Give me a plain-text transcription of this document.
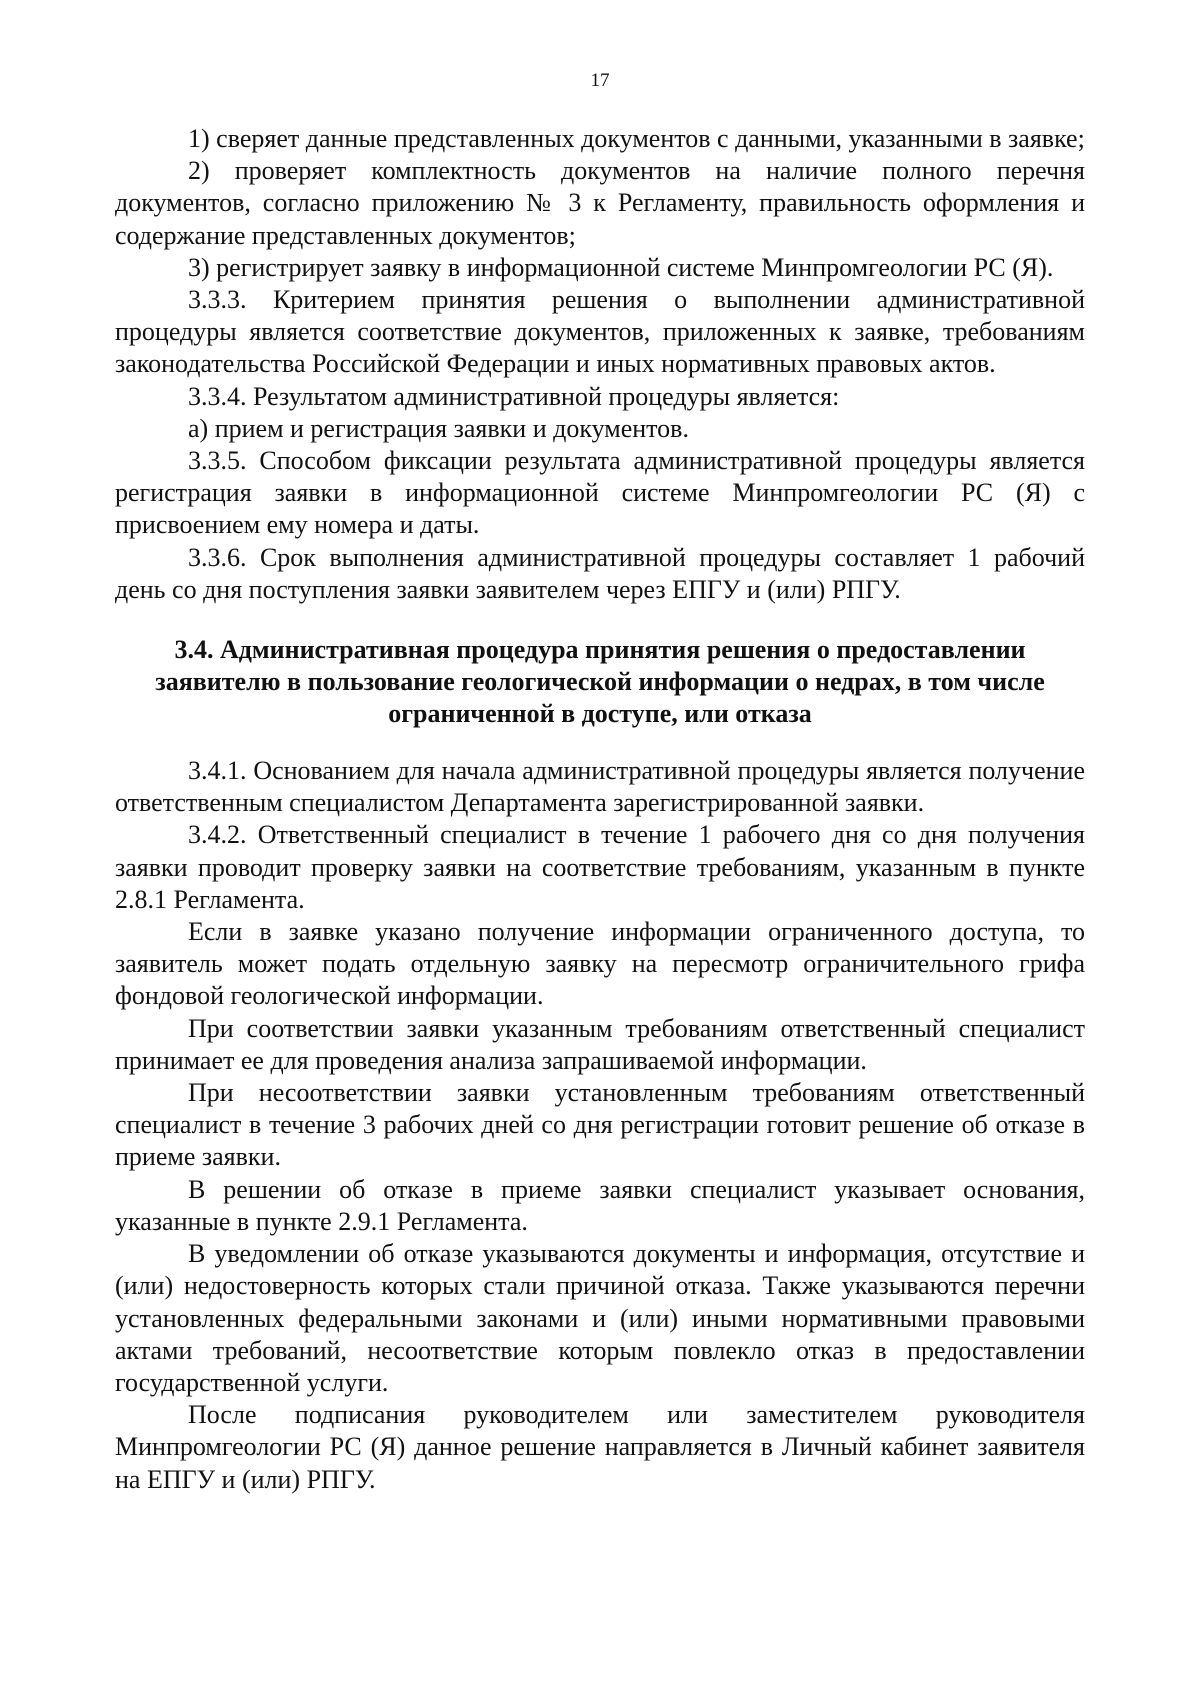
17

1) сверяет данные представленных документов с данными, указанными в заявке;

2) проверяет комплектность документов на наличие полного перечня документов, согласно приложению № 3 к Регламенту, правильность оформления и содержание представленных документов;

3) регистрирует заявку в информационной системе Минпромгеологии РС (Я).

3.3.3. Критерием принятия решения о выполнении административной процедуры является соответствие документов, приложенных к заявке, требованиям законодательства Российской Федерации и иных нормативных правовых актов.

3.3.4. Результатом административной процедуры является:

а) прием и регистрация заявки и документов.

3.3.5. Способом фиксации результата административной процедуры является регистрация заявки в информационной системе Минпромгеологии РС (Я) с присвоением ему номера и даты.

3.3.6. Срок выполнения административной процедуры составляет 1 рабочий день со дня поступления заявки заявителем через ЕПГУ и (или) РПГУ.

3.4. Административная процедура принятия решения о предоставлении заявителю в пользование геологической информации о недрах, в том числе ограниченной в доступе, или отказа

3.4.1. Основанием для начала административной процедуры является получение ответственным специалистом Департамента зарегистрированной заявки.

3.4.2. Ответственный специалист в течение 1 рабочего дня со дня получения заявки проводит проверку заявки на соответствие требованиям, указанным в пункте 2.8.1 Регламента.

Если в заявке указано получение информации ограниченного доступа, то заявитель может подать отдельную заявку на пересмотр ограничительного грифа фондовой геологической информации.

При соответствии заявки указанным требованиям ответственный специалист принимает ее для проведения анализа запрашиваемой информации.

При несоответствии заявки установленным требованиям ответственный специалист в течение 3 рабочих дней со дня регистрации готовит решение об отказе в приеме заявки.

В решении об отказе в приеме заявки специалист указывает основания, указанные в пункте 2.9.1 Регламента.

В уведомлении об отказе указываются документы и информация, отсутствие и (или) недостоверность которых стали причиной отказа. Также указываются перечни установленных федеральными законами и (или) иными нормативными правовыми актами требований, несоответствие которым повлекло отказ в предоставлении государственной услуги.

После подписания руководителем или заместителем руководителя Минпромгеологии РС (Я) данное решение направляется в Личный кабинет заявителя на ЕПГУ и (или) РПГУ.
